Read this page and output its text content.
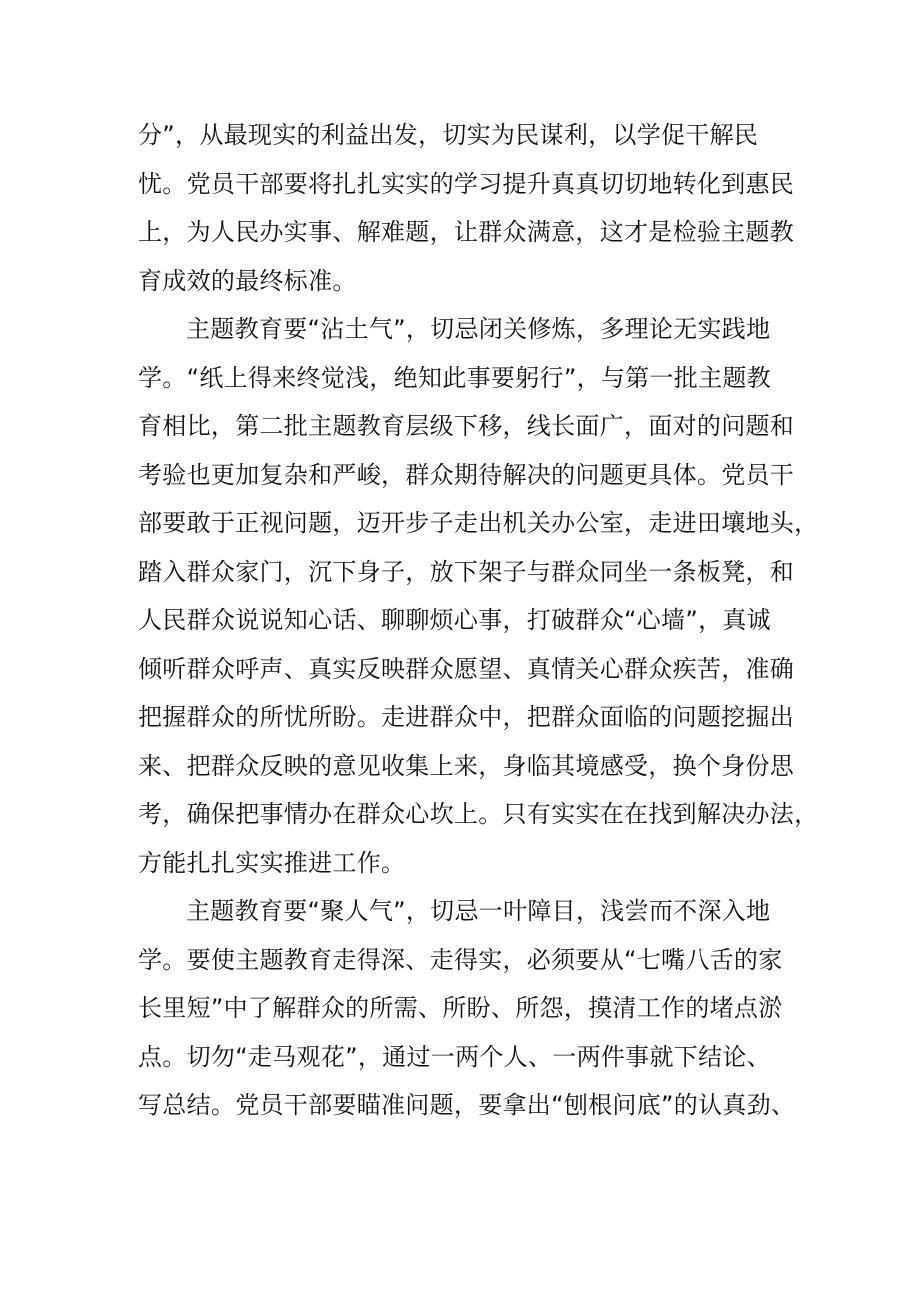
分”，从最现实的利益出发，切实为民谋利，以学促干解民
忧。党员干部要将扎扎实实的学习提升真真切切地转化到惠民
上，为人民办实事、解难题，让群众满意，这才是检验主题教
育成效的最终标准。
主题教育要“沾土气”，切忌闭关修炼，多理论无实践地
学。“纸上得来终觉浅，绝知此事要躬行”，与第一批主题教
育相比，第二批主题教育层级下移，线长面广，面对的问题和
考验也更加复杂和严峻，群众期待解决的问题更具体。党员干
部要敢于正视问题，迈开步子走出机关办公室，走进田壤地头，
踏入群众家门，沉下身子，放下架子与群众同坐一条板凳，和
人民群众说说知心话、聊聊烦心事，打破群众“心墙”，真诚
倾听群众呼声、真实反映群众愿望、真情关心群众疾苦，准确
把握群众的所忧所盼。走进群众中，把群众面临的问题挖掘出
来、把群众反映的意见收集上来，身临其境感受，换个身份思
考，确保把事情办在群众心坎上。只有实实在在找到解决办法，
方能扎扎实实推进工作。
主题教育要“聚人气”，切忌一叶障目，浅尝而不深入地
学。要使主题教育走得深、走得实，必须要从“七嘴八舌的家
长里短”中了解群众的所需、所盼、所怨，摸清工作的堵点淤
点。切勿“走马观花”，通过一两个人、一两件事就下结论、
写总结。党员干部要瞄准问题，要拿出“刨根问底”的认真劲、
